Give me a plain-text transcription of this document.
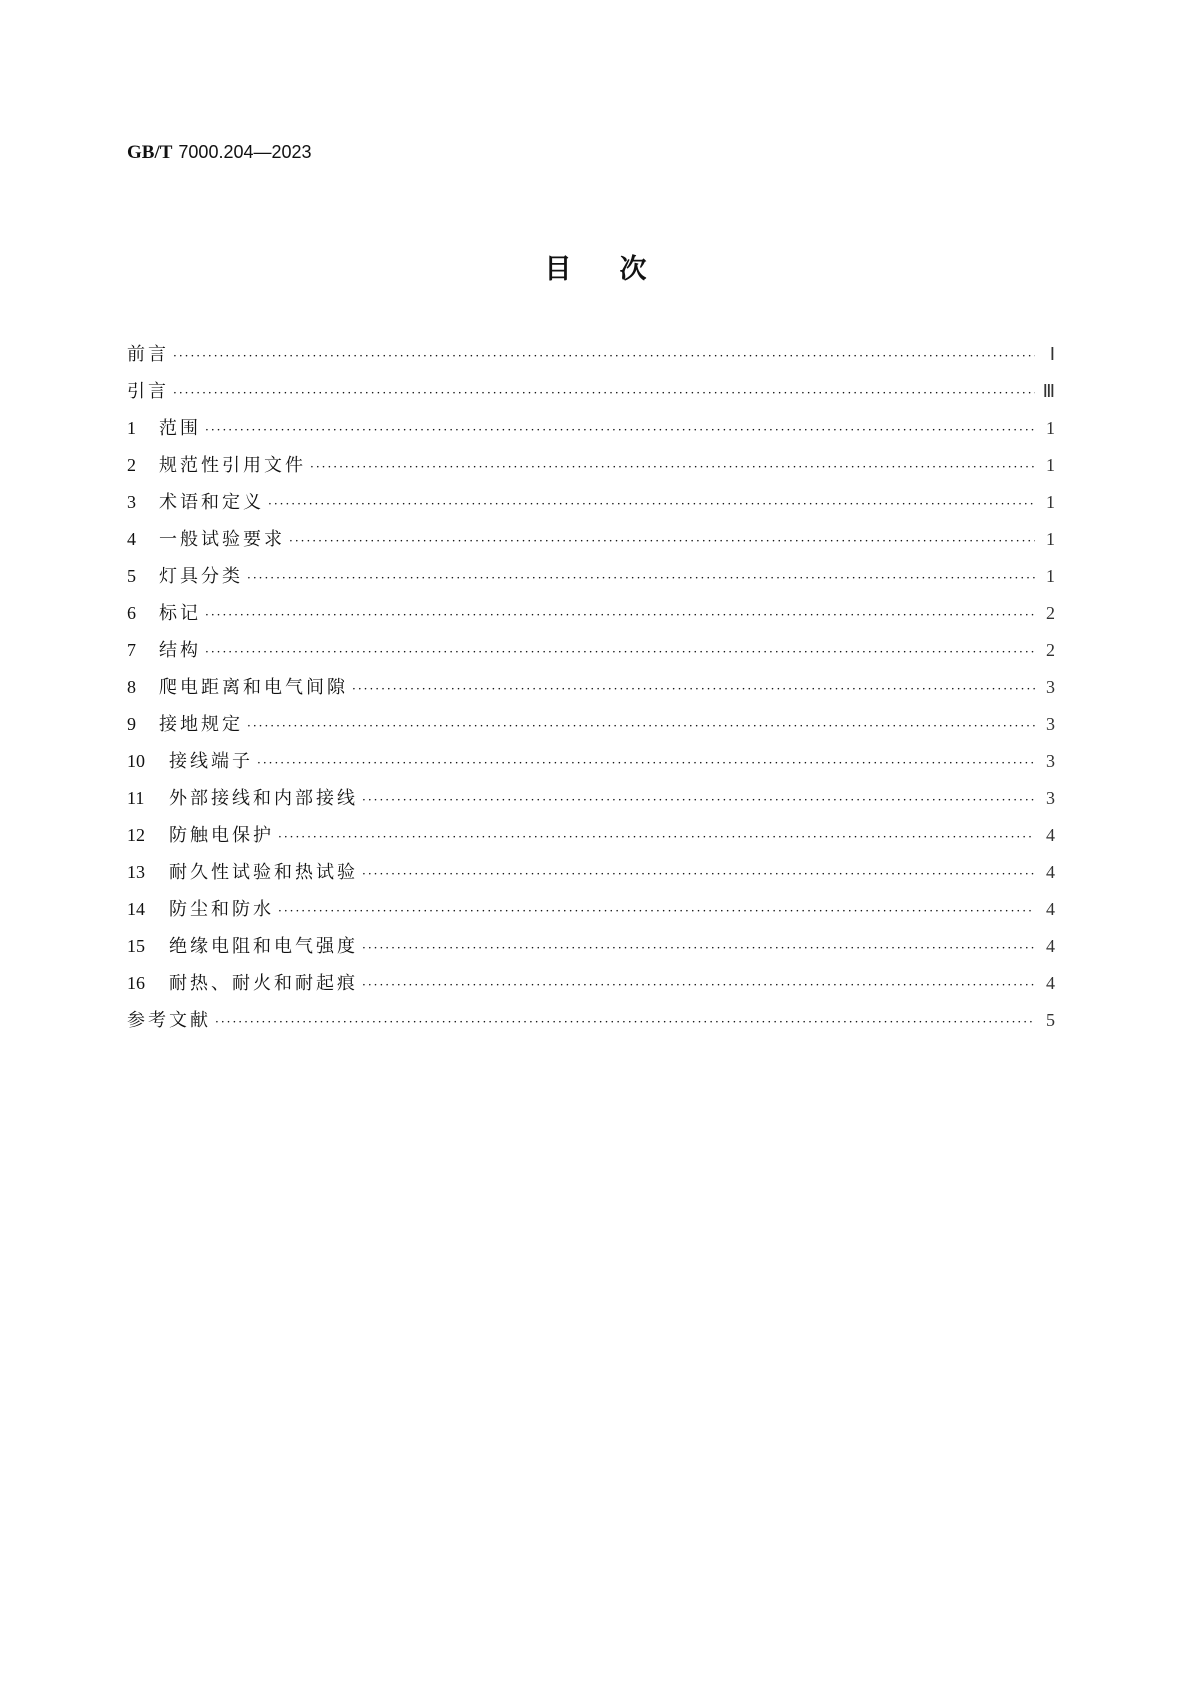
GB/T 7000.204—2023
目次
前言 ·····	Ⅰ
引言 ·····	Ⅲ
1	范围 ·····	1
2	规范性引用文件 ·····	1
3	术语和定义 ·····	1
4	一般试验要求 ·····	1
5	灯具分类 ·····	1
6	标记 ·····	2
7	结构 ·····	2
8	爬电距离和电气间隙 ·····	3
9	接地规定 ·····	3
10	接线端子 ·····	3
11	外部接线和内部接线 ·····	3
12	防触电保护 ·····	4
13	耐久性试验和热试验 ·····	4
14	防尘和防水 ·····	4
15	绝缘电阻和电气强度 ·····	4
16	耐热、耐火和耐起痕 ·····	4
参考文献 ·····	5
